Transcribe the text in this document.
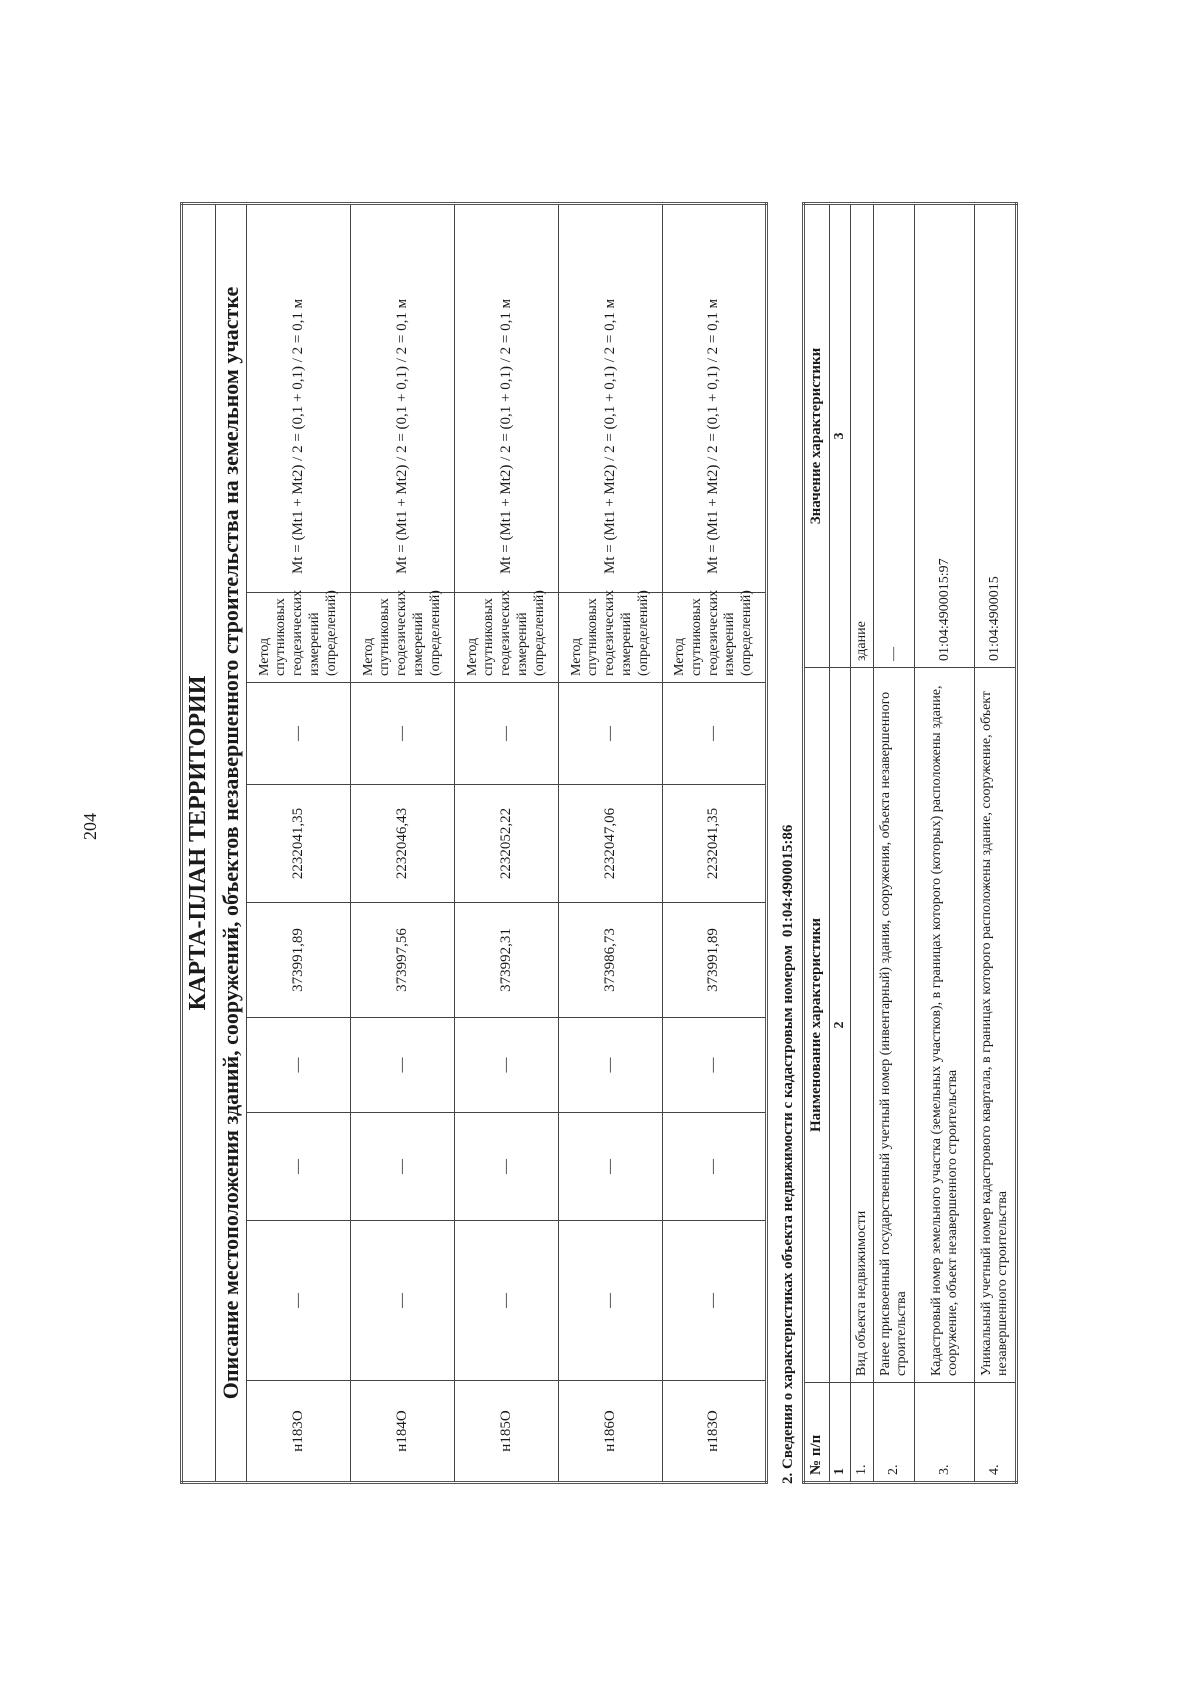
204	КАРТА-ПЛАН ТЕРРИТОРИИ								
Описание местоположения зданий, сооружений, объектов незавершенного строительства на земельном участке								
н183О	—	—	—	373991,89	2232041,35	—	Метод спутниковых геодезических измерений (определений)	Mt = (Mt1 + Mt2) / 2 = (0,1 + 0,1) / 2 = 0,1 м
н184О	—	—	—	373997,56	2232046,43	—	Метод спутниковых геодезических измерений (определений)	Mt = (Mt1 + Mt2) / 2 = (0,1 + 0,1) / 2 = 0,1 м
н185О	—	—	—	373992,31	2232052,22	—	Метод спутниковых геодезических измерений (определений)	Mt = (Mt1 + Mt2) / 2 = (0,1 + 0,1) / 2 = 0,1 м
н186О	—	—	—	373986,73	2232047,06	—	Метод спутниковых геодезических измерений (определений)	Mt = (Mt1 + Mt2) / 2 = (0,1 + 0,1) / 2 = 0,1 м
н183О	—	—	—	373991,89	2232041,35	—	Метод спутниковых геодезических измерений (определений)	Mt = (Mt1 + Mt2) / 2 = (0,1 + 0,1) / 2 = 0,1 м
2. Сведения о характеристиках объекта недвижимости с кадастровым номером01:04:4900015:86
№ п/п	Наименование характеристики	Значение характеристики
1	2	3
1.	Вид объекта недвижимости	здание
2.	Ранее присвоенный государственный учетный номер (инвентарный) здания, сооружения, объекта незавершенного строительства	—
3.	Кадастровый номер земельного участка (земельных участков), в границах которого (которых) расположены здание, сооружение, объект незавершенного строительства	01:04:4900015:97
4.	Уникальный учетный номер кадастрового квартала, в границах которого расположены здание, сооружение, объект незавершенного строительства	01:04:4900015
